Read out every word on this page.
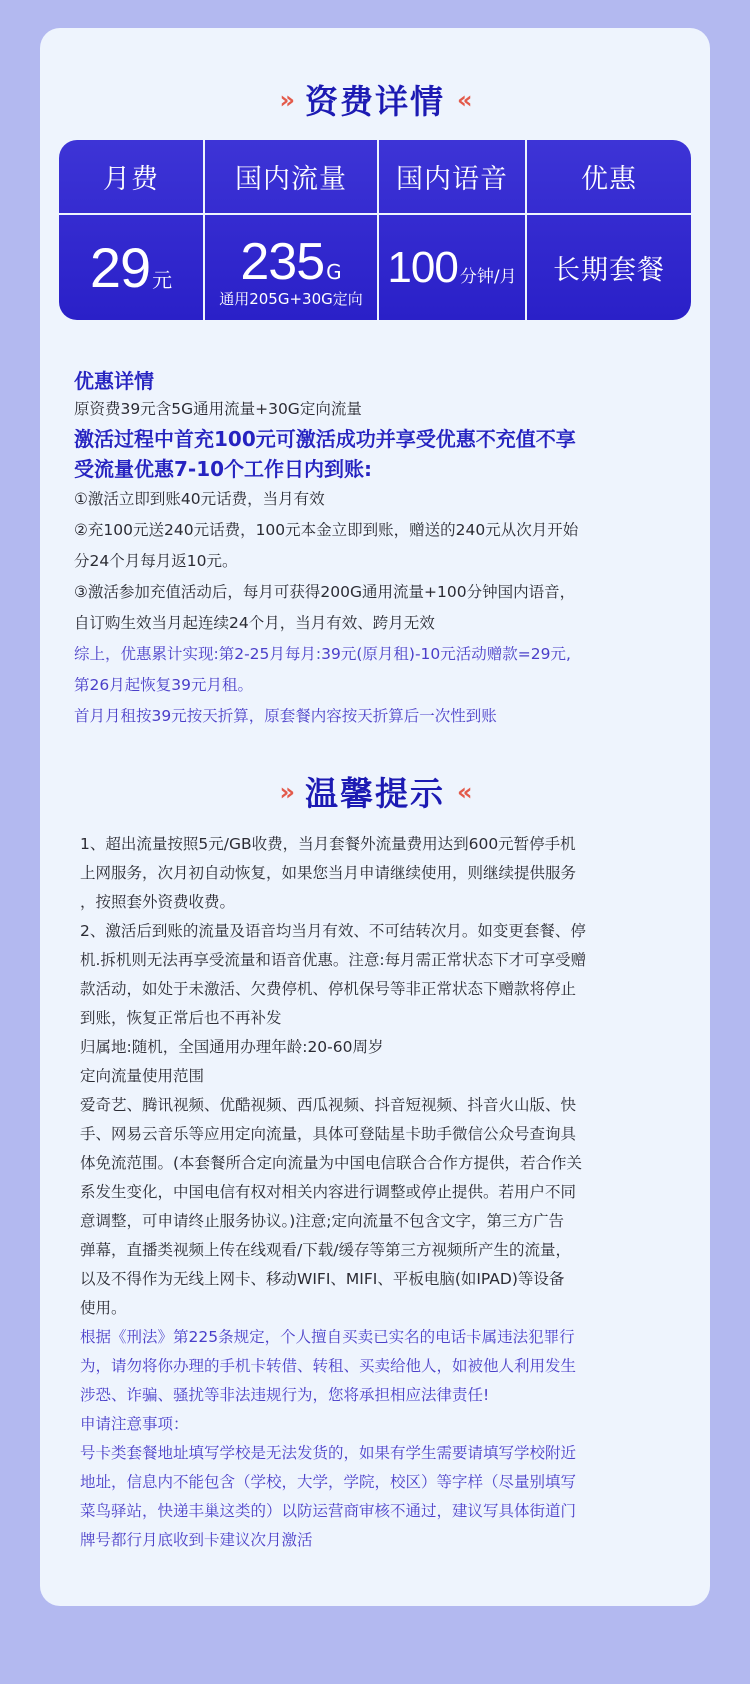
» 资费详情 «
月费	国内流量 国内语音	优惠
29 元 235 G
通用205G+30G定向
100 分钟/月 长期套餐
优惠详情
原资费39元含5G通用流量+30G定向流量
激活过程中首充100元可激活成功并享受优惠不充值不享
受流量优惠7-10个工作日内到账:
①激活立即到账40元话费，当月有效
②充100元送240元话费，100元本金立即到账，赠送的240元从次月开始
分24个月每月返10元。
③激活参加充值活动后，每月可获得200G通用流量+100分钟国内语音，
自订购生效当月起连续24个月，当月有效、跨月无效
综上，优惠累计实现:第2-25月每月:39元(原月租)-10元活动赠款=29元,
第26月起恢复39元月租。
首月月租按39元按天折算，原套餐内容按天折算后一次性到账
» 温馨提示 «
1、超出流量按照5元/GB收费，当月套餐外流量费用达到600元暂停手机
上网服务，次月初自动恢复，如果您当月申请继续使用，则继续提供服务
，按照套外资费收费。
2、激活后到账的流量及语音均当月有效、不可结转次月。如变更套餐、停
机.拆机则无法再享受流量和语音优惠。注意:每月需正常状态下才可享受赠
款活动，如处于未激活、欠费停机、停机保号等非正常状态下赠款将停止
到账，恢复正常后也不再补发
归属地:随机，全国通用办理年龄:20-60周岁
定向流量使用范围
爱奇艺、腾讯视频、优酷视频、西瓜视频、抖音短视频、抖音火山版、快
手、网易云音乐等应用定向流量，具体可登陆星卡助手微信公众号查询具
体免流范围。(本套餐所合定向流量为中国电信联合合作方提供，若合作关
系发生变化，中国电信有权对相关内容进行调整或停止提供。若用户不同
意调整，可申请终止服务协议。)注意;定向流量不包含文字，第三方广告
弹幕，直播类视频上传在线观看/下载/缓存等第三方视频所产生的流量，
以及不得作为无线上网卡、移动WIFI、MIFI、平板电脑(如IPAD)等设备
使用。
根据《刑法》第225条规定，个人擅自买卖已实名的电话卡属违法犯罪行
为，请勿将你办理的手机卡转借、转租、买卖给他人，如被他人利用发生
涉恐、诈骗、骚扰等非法违规行为，您将承担相应法律责任!
申请注意事项：
号卡类套餐地址填写学校是无法发货的，如果有学生需要请填写学校附近
地址，信息内不能包含（学校，大学，学院，校区）等字样（尽量别填写
菜鸟驿站，快递丰巢这类的）以防运营商审核不通过，建议写具体街道门
牌号都行月底收到卡建议次月激活
